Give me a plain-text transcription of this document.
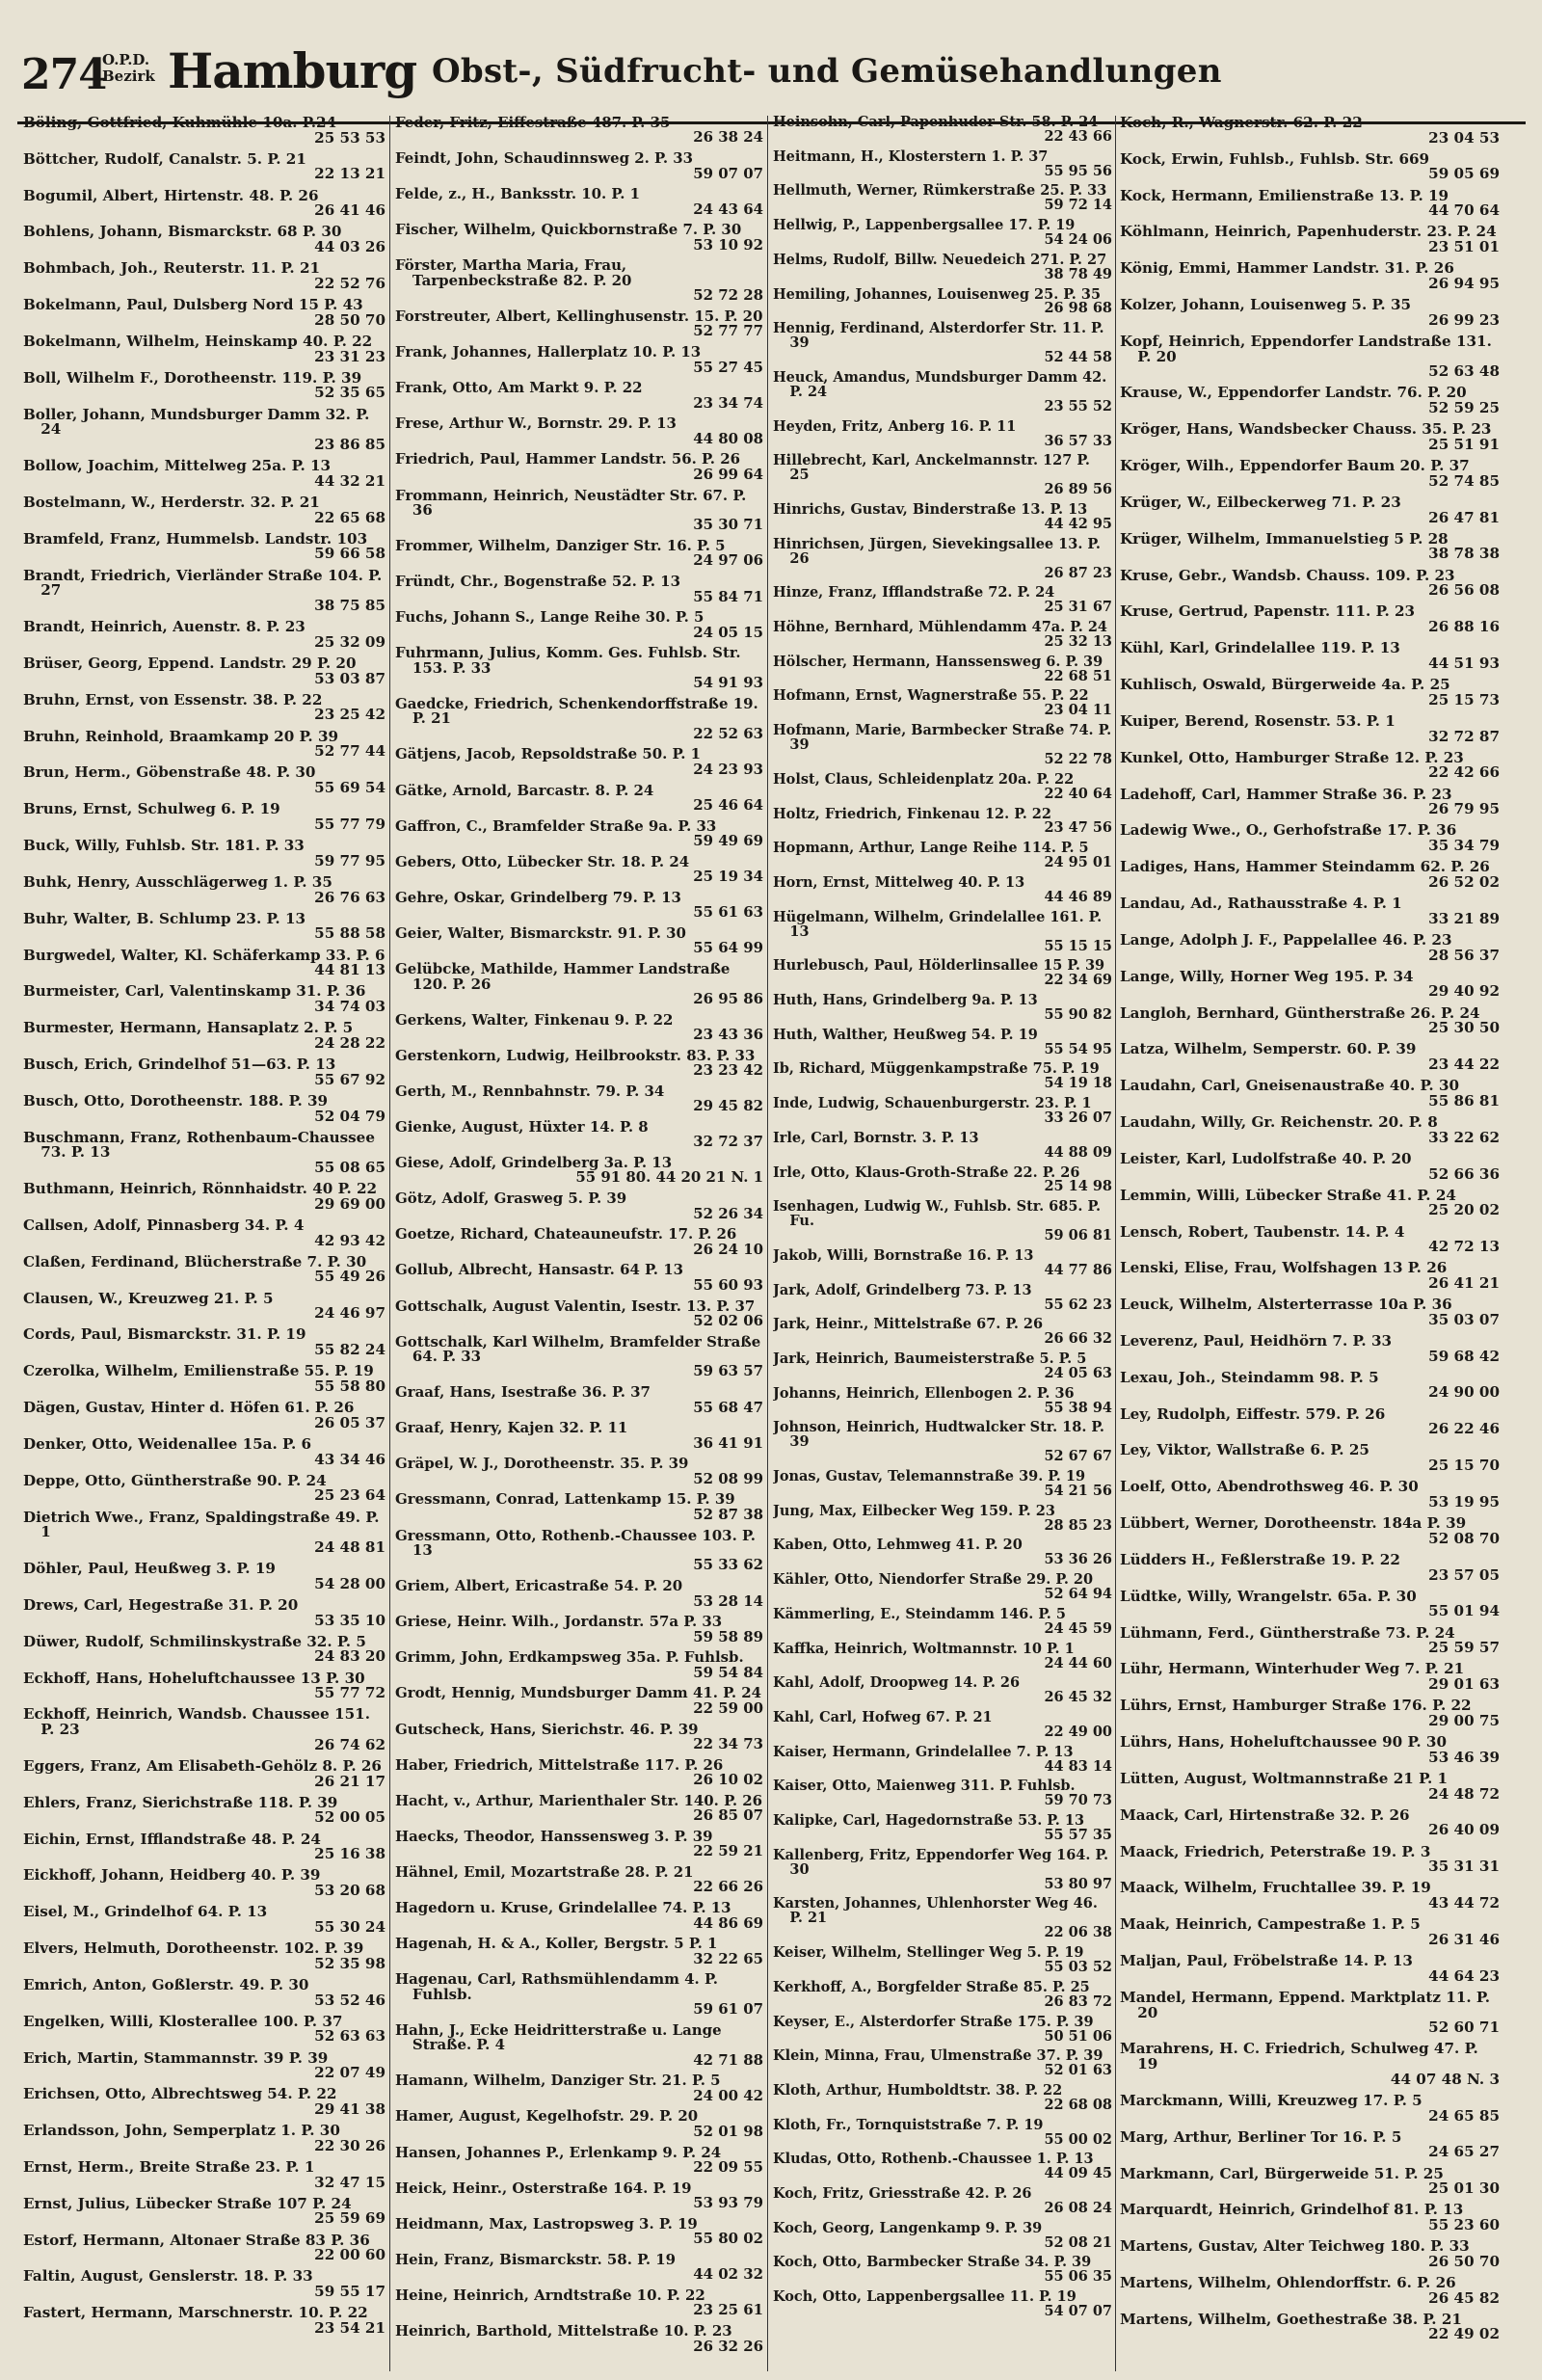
274
O.P.D.
Bezirk Hamburg Obst-, Südfrucht- und Gemüsehandlungen
Böling, Gottfried, Kuhmühle 10a. P.24
25 53 53
Böttcher, Rudolf, Canalstr. 5. P. 21
22 13 21
Bogumil, Albert, Hirtenstr. 48. P. 26
26 41 46
Bohlens, Johann, Bismarckstr. 68 P. 30
44 03 26
Bohmbach, Joh., Reuterstr. 11. P. 21
22 52 76
Bokelmann, Paul, Dulsberg Nord 15 P. 43
28 50 70
Bokelmann, Wilhelm, Heinskamp 40. P. 22
23 31 23
Boll, Wilhelm F., Dorotheenstr. 119. P. 39
52 35 65
Boller, Johann, Mundsburger Damm 32. P. 24
23 86 85
Bollow, Joachim, Mittelweg 25a. P. 13
44 32 21
Bostelmann, W., Herderstr. 32. P. 21
22 65 68
Bramfeld, Franz, Hummelsb. Landstr. 103
59 66 58
Brandt, Friedrich, Vierländer Straße 104. P. 27
38 75 85
Brandt, Heinrich, Auenstr. 8. P. 23
25 32 09
Brüser, Georg, Eppend. Landstr. 29 P. 20
53 03 87
Bruhn, Ernst, von Essenstr. 38. P. 22
23 25 42
Bruhn, Reinhold, Braamkamp 20 P. 39
52 77 44
Brun, Herm., Göbenstraße 48. P. 30
55 69 54
Bruns, Ernst, Schulweg 6. P. 19
55 77 79
Buck, Willy, Fuhlsb. Str. 181. P. 33
59 77 95
Buhk, Henry, Ausschlägerweg 1. P. 35
26 76 63
Buhr, Walter, B. Schlump 23. P. 13
55 88 58
Burgwedel, Walter, Kl. Schäferkamp 33. P. 6
44 81 13
Burmeister, Carl, Valentinskamp 31. P. 36
34 74 03
Burmester, Hermann, Hansaplatz 2. P. 5
24 28 22
Busch, Erich, Grindelhof 51—63. P. 13
55 67 92
Busch, Otto, Dorotheenstr. 188. P. 39
52 04 79
Buschmann, Franz, Rothenbaum-Chaussee 73. P. 13
55 08 65
Buthmann, Heinrich, Rönnhaidstr. 40 P. 22
29 69 00
Callsen, Adolf, Pinnasberg 34. P. 4
42 93 42
Claßen, Ferdinand, Blücherstraße 7. P. 30
55 49 26
Clausen, W., Kreuzweg 21. P. 5
24 46 97
Cords, Paul, Bismarckstr. 31. P. 19
55 82 24
Czerolka, Wilhelm, Emilienstraße 55. P. 19
55 58 80
Dägen, Gustav, Hinter d. Höfen 61. P. 26
26 05 37
Denker, Otto, Weidenallee 15a. P. 6
43 34 46
Deppe, Otto, Güntherstraße 90. P. 24
25 23 64
Dietrich Wwe., Franz, Spaldingstraße 49. P. 1
24 48 81
Döhler, Paul, Heußweg 3. P. 19
54 28 00
Drews, Carl, Hegestraße 31. P. 20
53 35 10
Düwer, Rudolf, Schmilinskystraße 32. P. 5
24 83 20
Eckhoff, Hans, Hoheluftchaussee 13 P. 30
55 77 72
Eckhoff, Heinrich, Wandsb. Chaussee 151. P. 23
26 74 62
Eggers, Franz, Am Elisabeth-Gehölz 8. P. 26
26 21 17
Ehlers, Franz, Sierichstraße 118. P. 39
52 00 05
Eichin, Ernst, Ifflandstraße 48. P. 24
25 16 38
Eickhoff, Johann, Heidberg 40. P. 39
53 20 68
Eisel, M., Grindelhof 64. P. 13
55 30 24
Elvers, Helmuth, Dorotheenstr. 102. P. 39
52 35 98
Emrich, Anton, Goßlerstr. 49. P. 30
53 52 46
Engelken, Willi, Klosterallee 100. P. 37
52 63 63
Erich, Martin, Stammannstr. 39 P. 39
22 07 49
Erichsen, Otto, Albrechtsweg 54. P. 22
29 41 38
Erlandsson, John, Semperplatz 1. P. 30
22 30 26
Ernst, Herm., Breite Straße 23. P. 1
32 47 15
Ernst, Julius, Lübecker Straße 107 P. 24
25 59 69
Estorf, Hermann, Altonaer Straße 83 P. 36
22 00 60
Faltin, August, Genslerstr. 18. P. 33
59 55 17
Fastert, Hermann, Marschnerstr. 10. P. 22
23 54 21
Feder, Fritz, Eiffestraße 487. P. 35
26 38 24
Feindt, John, Schaudinnsweg 2. P. 33
59 07 07
Felde, z., H., Banksstr. 10. P. 1
24 43 64
Fischer, Wilhelm, Quickbornstraße 7. P. 30
53 10 92
Förster, Martha Maria, Frau, Tarpenbeckstraße 82. P. 20
52 72 28
Forstreuter, Albert, Kellinghusenstr. 15. P. 20
52 77 77
Frank, Johannes, Hallerplatz 10. P. 13
55 27 45
Frank, Otto, Am Markt 9. P. 22
23 34 74
Frese, Arthur W., Bornstr. 29. P. 13
44 80 08
Friedrich, Paul, Hammer Landstr. 56. P. 26
26 99 64
Frommann, Heinrich, Neustädter Str. 67. P. 36
35 30 71
Frommer, Wilhelm, Danziger Str. 16. P. 5
24 97 06
Fründt, Chr., Bogenstraße 52. P. 13
55 84 71
Fuchs, Johann S., Lange Reihe 30. P. 5
24 05 15
Fuhrmann, Julius, Komm. Ges. Fuhlsb. Str. 153. P. 33
54 91 93
Gaedcke, Friedrich, Schenkendorffstraße 19. P. 21
22 52 63
Gätjens, Jacob, Repsoldstraße 50. P. 1
24 23 93
Gätke, Arnold, Barcastr. 8. P. 24
25 46 64
Gaffron, C., Bramfelder Straße 9a. P. 33
59 49 69
Gebers, Otto, Lübecker Str. 18. P. 24
25 19 34
Gehre, Oskar, Grindelberg 79. P. 13
55 61 63
Geier, Walter, Bismarckstr. 91. P. 30
55 64 99
Gelübcke, Mathilde, Hammer Landstraße 120. P. 26
26 95 86
Gerkens, Walter, Finkenau 9. P. 22
23 43 36
Gerstenkorn, Ludwig, Heilbrookstr. 83. P. 33
23 23 42
Gerth, M., Rennbahnstr. 79. P. 34
29 45 82
Gienke, August, Hüxter 14. P. 8
32 72 37
Giese, Adolf, Grindelberg 3a. P. 13
55 91 80. 44 20 21 N. 1
Götz, Adolf, Grasweg 5. P. 39
52 26 34
Goetze, Richard, Chateauneufstr. 17. P. 26
26 24 10
Gollub, Albrecht, Hansastr. 64 P. 13
55 60 93
Gottschalk, August Valentin, Isestr. 13. P. 37
52 02 06
Gottschalk, Karl Wilhelm, Bramfelder Straße 64. P. 33
59 63 57
Graaf, Hans, Isestraße 36. P. 37
55 68 47
Graaf, Henry, Kajen 32. P. 11
36 41 91
Gräpel, W. J., Dorotheenstr. 35. P. 39
52 08 99
Gressmann, Conrad, Lattenkamp 15. P. 39
52 87 38
Gressmann, Otto, Rothenb.-Chaussee 103. P. 13
55 33 62
Griem, Albert, Ericastraße 54. P. 20
53 28 14
Griese, Heinr. Wilh., Jordanstr. 57a P. 33
59 58 89
Grimm, John, Erdkampsweg 35a. P. Fuhlsb.
59 54 84
Grodt, Hennig, Mundsburger Damm 41. P. 24
22 59 00
Gutscheck, Hans, Sierichstr. 46. P. 39
22 34 73
Haber, Friedrich, Mittelstraße 117. P. 26
26 10 02
Hacht, v., Arthur, Marienthaler Str. 140. P. 26
26 85 07
Haecks, Theodor, Hanssensweg 3. P. 39
22 59 21
Hähnel, Emil, Mozartstraße 28. P. 21
22 66 26
Hagedorn u. Kruse, Grindelallee 74. P. 13
44 86 69
Hagenah, H. & A., Koller, Bergstr. 5 P. 1
32 22 65
Hagenau, Carl, Rathsmühlendamm 4. P. Fuhlsb.
59 61 07
Hahn, J., Ecke Heidritterstraße u. Lange Straße. P. 4
42 71 88
Hamann, Wilhelm, Danziger Str. 21. P. 5
24 00 42
Hamer, August, Kegelhofstr. 29. P. 20
52 01 98
Hansen, Johannes P., Erlenkamp 9. P. 24
22 09 55
Heick, Heinr., Osterstraße 164. P. 19
53 93 79
Heidmann, Max, Lastropsweg 3. P. 19
55 80 02
Hein, Franz, Bismarckstr. 58. P. 19
44 02 32
Heine, Heinrich, Arndtstraße 10. P. 22
23 25 61
Heinrich, Barthold, Mittelstraße 10. P. 23
26 32 26
Heinsohn, Carl, Papenhuder Str. 58. P. 24
22 43 66
Heitmann, H., Klosterstern 1. P. 37
55 95 56
Hellmuth, Werner, Rümkerstraße 25. P. 33
59 72 14
Hellwig, P., Lappenbergsallee 17. P. 19
54 24 06
Helms, Rudolf, Billw. Neuedeich 271. P. 27
38 78 49
Hemiling, Johannes, Louisenweg 25. P. 35
26 98 68
Hennig, Ferdinand, Alsterdorfer Str. 11. P. 39
52 44 58
Heuck, Amandus, Mundsburger Damm 42. P. 24
23 55 52
Heyden, Fritz, Anberg 16. P. 11
36 57 33
Hillebrecht, Karl, Anckelmannstr. 127 P. 25
26 89 56
Hinrichs, Gustav, Binderstraße 13. P. 13
44 42 95
Hinrichsen, Jürgen, Sievekingsallee 13. P. 26
26 87 23
Hinze, Franz, Ifflandstraße 72. P. 24
25 31 67
Höhne, Bernhard, Mühlendamm 47a. P. 24
25 32 13
Hölscher, Hermann, Hanssensweg 6. P. 39
22 68 51
Hofmann, Ernst, Wagnerstraße 55. P. 22
23 04 11
Hofmann, Marie, Barmbecker Straße 74. P. 39
52 22 78
Holst, Claus, Schleidenplatz 20a. P. 22
22 40 64
Holtz, Friedrich, Finkenau 12. P. 22
23 47 56
Hopmann, Arthur, Lange Reihe 114. P. 5
24 95 01
Horn, Ernst, Mittelweg 40. P. 13
44 46 89
Hügelmann, Wilhelm, Grindelallee 161. P. 13
55 15 15
Hurlebusch, Paul, Hölderlinsallee 15 P. 39
22 34 69
Huth, Hans, Grindelberg 9a. P. 13
55 90 82
Huth, Walther, Heußweg 54. P. 19
55 54 95
Ib, Richard, Müggenkampstraße 75. P. 19
54 19 18
Inde, Ludwig, Schauenburgerstr. 23. P. 1
33 26 07
Irle, Carl, Bornstr. 3. P. 13
44 88 09
Irle, Otto, Klaus-Groth-Straße 22. P. 26
25 14 98
Isenhagen, Ludwig W., Fuhlsb. Str. 685. P. Fu.
59 06 81
Jakob, Willi, Bornstraße 16. P. 13
44 77 86
Jark, Adolf, Grindelberg 73. P. 13
55 62 23
Jark, Heinr., Mittelstraße 67. P. 26
26 66 32
Jark, Heinrich, Baumeisterstraße 5. P. 5
24 05 63
Johanns, Heinrich, Ellenbogen 2. P. 36
55 38 94
Johnson, Heinrich, Hudtwalcker Str. 18. P. 39
52 67 67
Jonas, Gustav, Telemannstraße 39. P. 19
54 21 56
Jung, Max, Eilbecker Weg 159. P. 23
28 85 23
Kaben, Otto, Lehmweg 41. P. 20
53 36 26
Kähler, Otto, Niendorfer Straße 29. P. 20
52 64 94
Kämmerling, E., Steindamm 146. P. 5
24 45 59
Kaffka, Heinrich, Woltmannstr. 10 P. 1
24 44 60
Kahl, Adolf, Droopweg 14. P. 26
26 45 32
Kahl, Carl, Hofweg 67. P. 21
22 49 00
Kaiser, Hermann, Grindelallee 7. P. 13
44 83 14
Kaiser, Otto, Maienweg 311. P. Fuhlsb.
59 70 73
Kalipke, Carl, Hagedornstraße 53. P. 13
55 57 35
Kallenberg, Fritz, Eppendorfer Weg 164. P. 30
53 80 97
Karsten, Johannes, Uhlenhorster Weg 46. P. 21
22 06 38
Keiser, Wilhelm, Stellinger Weg 5. P. 19
55 03 52
Kerkhoff, A., Borgfelder Straße 85. P. 25
26 83 72
Keyser, E., Alsterdorfer Straße 175. P. 39
50 51 06
Klein, Minna, Frau, Ulmenstraße 37. P. 39
52 01 63
Kloth, Arthur, Humboldtstr. 38. P. 22
22 68 08
Kloth, Fr., Tornquiststraße 7. P. 19
55 00 02
Kludas, Otto, Rothenb.-Chaussee 1. P. 13
44 09 45
Koch, Fritz, Griesstraße 42. P. 26
26 08 24
Koch, Georg, Langenkamp 9. P. 39
52 08 21
Koch, Otto, Barmbecker Straße 34. P. 39
55 06 35
Koch, Otto, Lappenbergsallee 11. P. 19
54 07 07
Koch, R., Wagnerstr. 62. P. 22
23 04 53
Kock, Erwin, Fuhlsb., Fuhlsb. Str. 669
59 05 69
Kock, Hermann, Emilienstraße 13. P. 19
44 70 64
Köhlmann, Heinrich, Papenhuderstr. 23. P. 24
23 51 01
König, Emmi, Hammer Landstr. 31. P. 26
26 94 95
Kolzer, Johann, Louisenweg 5. P. 35
26 99 23
Kopf, Heinrich, Eppendorfer Landstraße 131. P. 20
52 63 48
Krause, W., Eppendorfer Landstr. 76. P. 20
52 59 25
Kröger, Hans, Wandsbecker Chauss. 35. P. 23
25 51 91
Kröger, Wilh., Eppendorfer Baum 20. P. 37
52 74 85
Krüger, W., Eilbeckerweg 71. P. 23
26 47 81
Krüger, Wilhelm, Immanuelstieg 5 P. 28
38 78 38
Kruse, Gebr., Wandsb. Chauss. 109. P. 23
26 56 08
Kruse, Gertrud, Papenstr. 111. P. 23
26 88 16
Kühl, Karl, Grindelallee 119. P. 13
44 51 93
Kuhlisch, Oswald, Bürgerweide 4a. P. 25
25 15 73
Kuiper, Berend, Rosenstr. 53. P. 1
32 72 87
Kunkel, Otto, Hamburger Straße 12. P. 23
22 42 66
Ladehoff, Carl, Hammer Straße 36. P. 23
26 79 95
Ladewig Wwe., O., Gerhofstraße 17. P. 36
35 34 79
Ladiges, Hans, Hammer Steindamm 62. P. 26
26 52 02
Landau, Ad., Rathausstraße 4. P. 1
33 21 89
Lange, Adolph J. F., Pappelallee 46. P. 23
28 56 37
Lange, Willy, Horner Weg 195. P. 34
29 40 92
Langloh, Bernhard, Güntherstraße 26. P. 24
25 30 50
Latza, Wilhelm, Semperstr. 60. P. 39
23 44 22
Laudahn, Carl, Gneisenaustraße 40. P. 30
55 86 81
Laudahn, Willy, Gr. Reichenstr. 20. P. 8
33 22 62
Leister, Karl, Ludolfstraße 40. P. 20
52 66 36
Lemmin, Willi, Lübecker Straße 41. P. 24
25 20 02
Lensch, Robert, Taubenstr. 14. P. 4
42 72 13
Lenski, Elise, Frau, Wolfshagen 13 P. 26
26 41 21
Leuck, Wilhelm, Alsterterrasse 10a P. 36
35 03 07
Leverenz, Paul, Heidhörn 7. P. 33
59 68 42
Lexau, Joh., Steindamm 98. P. 5
24 90 00
Ley, Rudolph, Eiffestr. 579. P. 26
26 22 46
Ley, Viktor, Wallstraße 6. P. 25
25 15 70
Loelf, Otto, Abendrothsweg 46. P. 30
53 19 95
Lübbert, Werner, Dorotheenstr. 184a P. 39
52 08 70
Lüdders H., Feßlerstraße 19. P. 22
23 57 05
Lüdtke, Willy, Wrangelstr. 65a. P. 30
55 01 94
Lühmann, Ferd., Güntherstraße 73. P. 24
25 59 57
Lühr, Hermann, Winterhuder Weg 7. P. 21
29 01 63
Lührs, Ernst, Hamburger Straße 176. P. 22
29 00 75
Lührs, Hans, Hoheluftchaussee 90 P. 30
53 46 39
Lütten, August, Woltmannstraße 21 P. 1
24 48 72
Maack, Carl, Hirtenstraße 32. P. 26
26 40 09
Maack, Friedrich, Peterstraße 19. P. 3
35 31 31
Maack, Wilhelm, Fruchtallee 39. P. 19
43 44 72
Maak, Heinrich, Campestraße 1. P. 5
26 31 46
Maljan, Paul, Fröbelstraße 14. P. 13
44 64 23
Mandel, Hermann, Eppend. Marktplatz 11. P. 20
52 60 71
Marahrens, H. C. Friedrich, Schulweg 47. P. 19
44 07 48 N. 3
Marckmann, Willi, Kreuzweg 17. P. 5
24 65 85
Marg, Arthur, Berliner Tor 16. P. 5
24 65 27
Markmann, Carl, Bürgerweide 51. P. 25
25 01 30
Marquardt, Heinrich, Grindelhof 81. P. 13
55 23 60
Martens, Gustav, Alter Teichweg 180. P. 33
26 50 70
Martens, Wilhelm, Ohlendorffstr. 6. P. 26
26 45 82
Martens, Wilhelm, Goethestraße 38. P. 21
22 49 02
